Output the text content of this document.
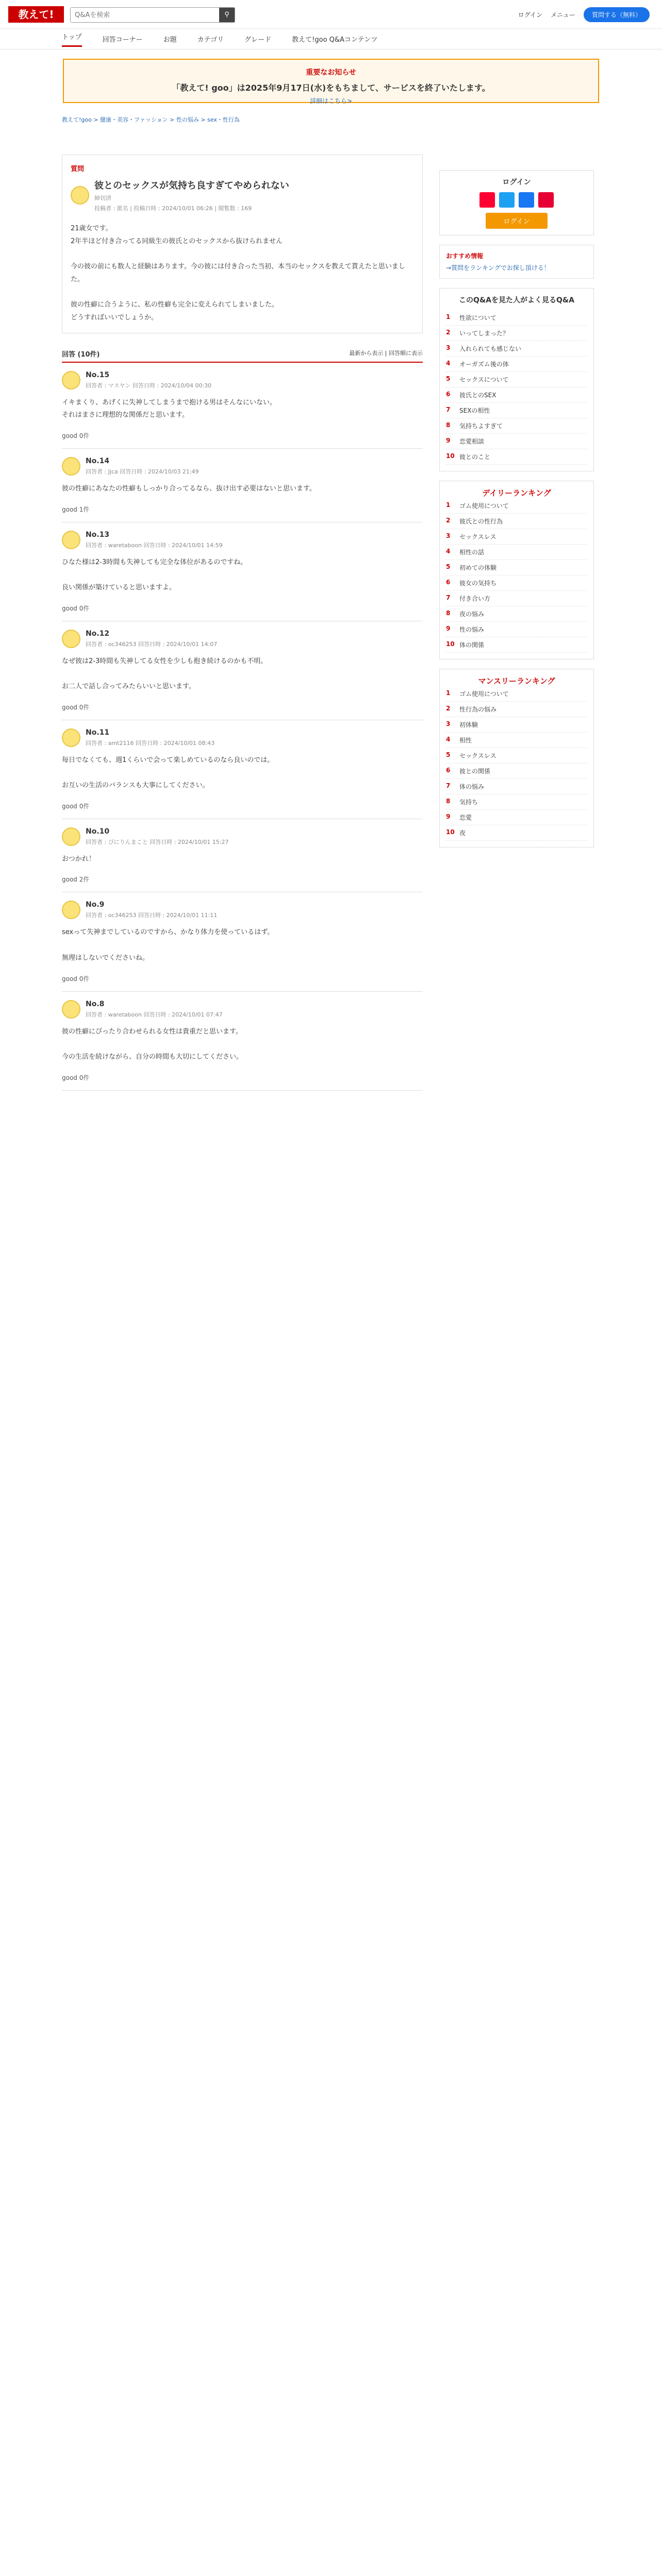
教えて! goo
Q&Aを検索
⚲	ログイン メニュー	質問する（無料）
トップ	回答コーナー	お題	カテゴリ	グレード	教えて!goo Q&Aコンテンツ
重要なお知らせ
「教えて! goo」は2025年9月17日(水)をもちまして、サービスを終了いたします。
詳細はこちら>
教えて!goo > 健康・美容・ファッション > 性の悩み > sex・性行為
質問
彼とのセックスが気持ち良すぎてやめられない
締切済
投稿者 : 匿名 | 投稿日時 : 2024/10/01 06:26 | 閲覧数 : 169
21歳女です。
2年半ほど付き合ってる同級生の彼氏とのセックスから抜けられません

今の彼の前にも数人と経験はあります。今の彼には付き合った当初、本当のセックスを教えて貰えたと思いました。

彼の性癖に合うように、私の性癖も完全に変えられてしまいました。
どうすればいいでしょうか。
回答 (10件)	最新から表示 | 回答順に表示
No.15
回答者 : マスヤン 回答日時 : 2024/10/04 00:30
イキまくり、あげくに失神してしまうまで抱ける男はそんなにいない。
それはまさに理想的な関係だと思います。
good 0件
No.14
回答者 : Jjca 回答日時 : 2024/10/03 21:49
彼の性癖にあなたの性癖もしっかり合ってるなら、抜け出す必要はないと思います。
good 1件
No.13
回答者 : waretaboon 回答日時 : 2024/10/01 14:59
ひなた様は2-3時間も失神しても完全な体位があるのですね。

良い関係が築けていると思いますよ。
good 0件
No.12
回答者 : oc346253 回答日時 : 2024/10/01 14:07
なぜ彼は2-3時間も失神してる女性を少しも抱き続けるのかも不明。

お二人で話し合ってみたらいいと思います。
good 0件
No.11
回答者 : amt2116 回答日時 : 2024/10/01 08:43
毎日でなくても、週1くらいで会って楽しめているのなら良いのでは。

お互いの生活のバランスも大事にしてください。
good 0件
No.10
回答者 : ぴにりんまこと 回答日時 : 2024/10/01 15:27
おつかれ！
good 2件
No.9
回答者 : oc346253 回答日時 : 2024/10/01 11:11
sexって失神までしているのですから、かなり体力を使っているはず。

無理はしないでくださいね。
good 0件
No.8
回答者 : waretaboon 回答日時 : 2024/10/01 07:47
彼の性癖にぴったり合わせられる女性は貴重だと思います。

今の生活を続けながら、自分の時間も大切にしてください。
good 0件
ログイン
ログイン
おすすめ情報
→質問をランキングでお探し頂ける！
このQ&Aを見た人がよく見るQ&A
1	性欲について
2	いってしまった？
3	入れられても感じない
4	オーガズム後の体
5	セックスについて
6	彼氏とのSEX
7	SEXの相性
8	気持ちよすぎて
9	恋愛相談
10 彼とのこと
デイリーランキング
1	ゴム使用について
2	彼氏との性行為
3	セックスレス
4	相性の話
5	初めての体験
6	彼女の気持ち
7	付き合い方
8	夜の悩み
9	性の悩み
10 体の関係
マンスリーランキング
1	ゴム使用について
2	性行為の悩み
3	初体験
4	相性
5	セックスレス
6	彼との関係
7	体の悩み
8	気持ち
9	恋愛
10 夜
